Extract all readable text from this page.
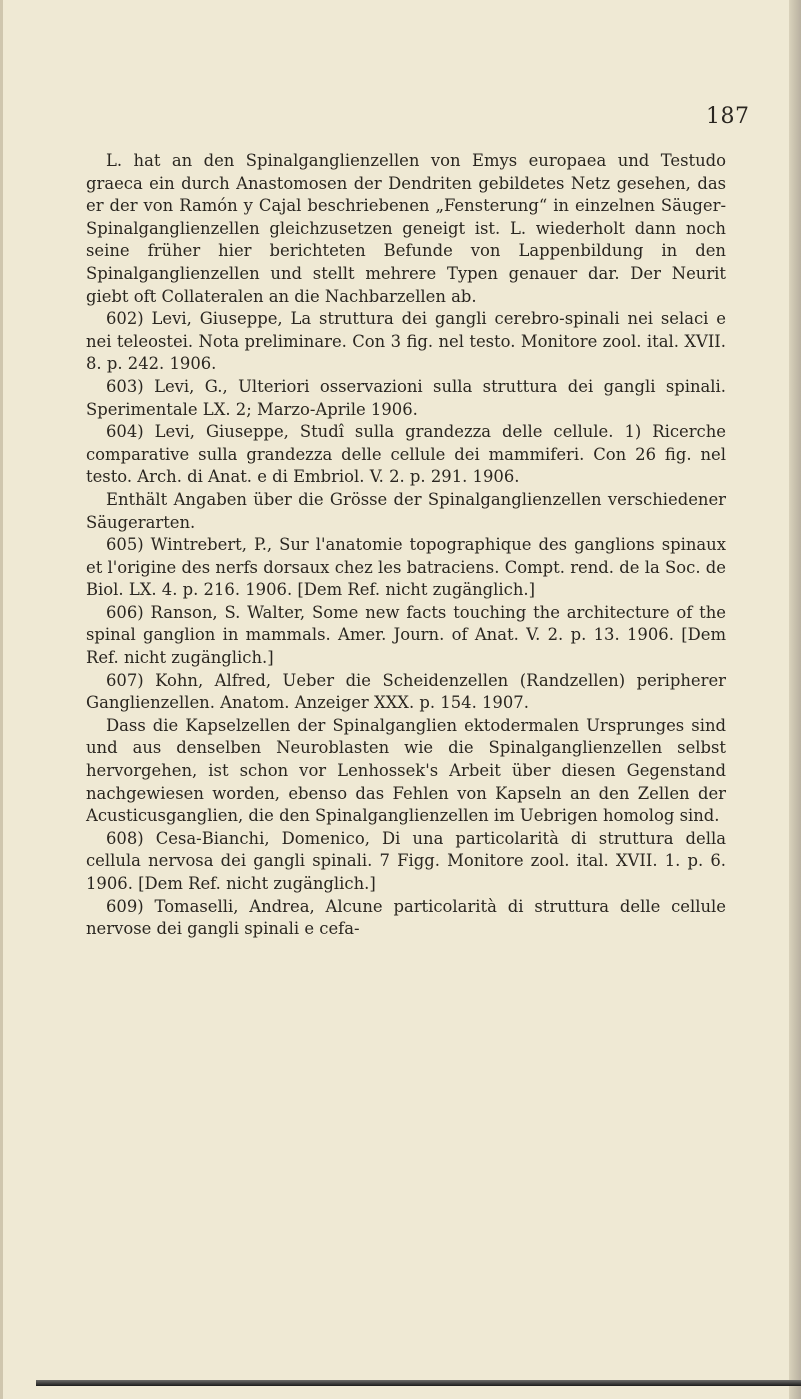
187

L. hat an den Spinalganglienzellen von Emys europaea und Testudo graeca ein durch Anastomosen der Dendriten gebildetes Netz gesehen, das er der von Ramón y Cajal beschriebenen „Fensterung“ in einzelnen Säuger-Spinalganglienzellen gleichzusetzen geneigt ist. L. wiederholt dann noch seine früher hier berichteten Befunde von Lappenbildung in den Spinalganglienzellen und stellt mehrere Typen genauer dar. Der Neurit giebt oft Collateralen an die Nachbarzellen ab.

602) Levi, Giuseppe, La struttura dei gangli cerebro-spinali nei selaci e nei teleostei. Nota preliminare. Con 3 fig. nel testo. Monitore zool. ital. XVII. 8. p. 242. 1906.

603) Levi, G., Ulteriori osservazioni sulla struttura dei gangli spinali. Sperimentale LX. 2; Marzo-Aprile 1906.

604) Levi, Giuseppe, Studî sulla grandezza delle cellule. 1) Ricerche comparative sulla grandezza delle cellule dei mammiferi. Con 26 fig. nel testo. Arch. di Anat. e di Embriol. V. 2. p. 291. 1906.

Enthält Angaben über die Grösse der Spinalganglienzellen verschiedener Säugerarten.

605) Wintrebert, P., Sur l'anatomie topographique des ganglions spinaux et l'origine des nerfs dorsaux chez les batraciens. Compt. rend. de la Soc. de Biol. LX. 4. p. 216. 1906. [Dem Ref. nicht zugänglich.]

606) Ranson, S. Walter, Some new facts touching the architecture of the spinal ganglion in mammals. Amer. Journ. of Anat. V. 2. p. 13. 1906. [Dem Ref. nicht zugänglich.]

607) Kohn, Alfred, Ueber die Scheidenzellen (Randzellen) peripherer Ganglienzellen. Anatom. Anzeiger XXX. p. 154. 1907.

Dass die Kapselzellen der Spinalganglien ektodermalen Ursprunges sind und aus denselben Neuroblasten wie die Spinalganglienzellen selbst hervorgehen, ist schon vor Lenhossek's Arbeit über diesen Gegenstand nachgewiesen worden, ebenso das Fehlen von Kapseln an den Zellen der Acusticusganglien, die den Spinalganglienzellen im Uebrigen homolog sind.

608) Cesa-Bianchi, Domenico, Di una particolarità di struttura della cellula nervosa dei gangli spinali. 7 Figg. Monitore zool. ital. XVII. 1. p. 6. 1906. [Dem Ref. nicht zugänglich.]

609) Tomaselli, Andrea, Alcune particolarità di struttura delle cellule nervose dei gangli spinali e cefa-
